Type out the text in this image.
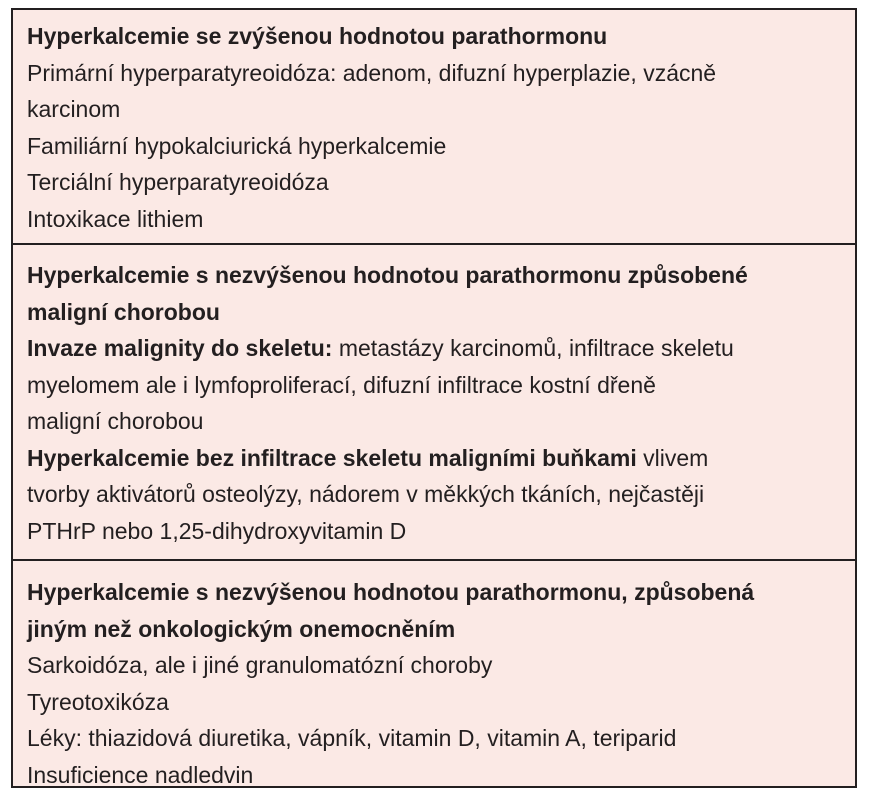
Hyperkalcemie se zvýšenou hodnotou parathormonu
Primární hyperparatyreoidóza: adenom, difuzní hyperplazie, vzácně
karcinom
Familiární hypokalciurická hyperkalcemie
Terciální hyperparatyreoidóza
Intoxikace lithiem
Hyperkalcemie s nezvýšenou hodnotou parathormonu způsobené
maligní chorobou
Invaze malignity do skeletu: metastázy karcinomů, infiltrace skeletu
myelomem ale i lymfoproliferací, difuzní infiltrace kostní dřeně
maligní chorobou
Hyperkalcemie bez infiltrace skeletu maligními buňkami vlivem
tvorby aktivátorů osteolýzy, nádorem v měkkých tkáních, nejčastěji
PTHrP nebo 1,25-dihydroxyvitamin D
Hyperkalcemie s nezvýšenou hodnotou parathormonu, způsobená
jiným než onkologickým onemocněním
Sarkoidóza, ale i jiné granulomatózní choroby
Tyreotoxikóza
Léky: thiazidová diuretika, vápník, vitamin D, vitamin A, teriparid
Insuficience nadledvin
